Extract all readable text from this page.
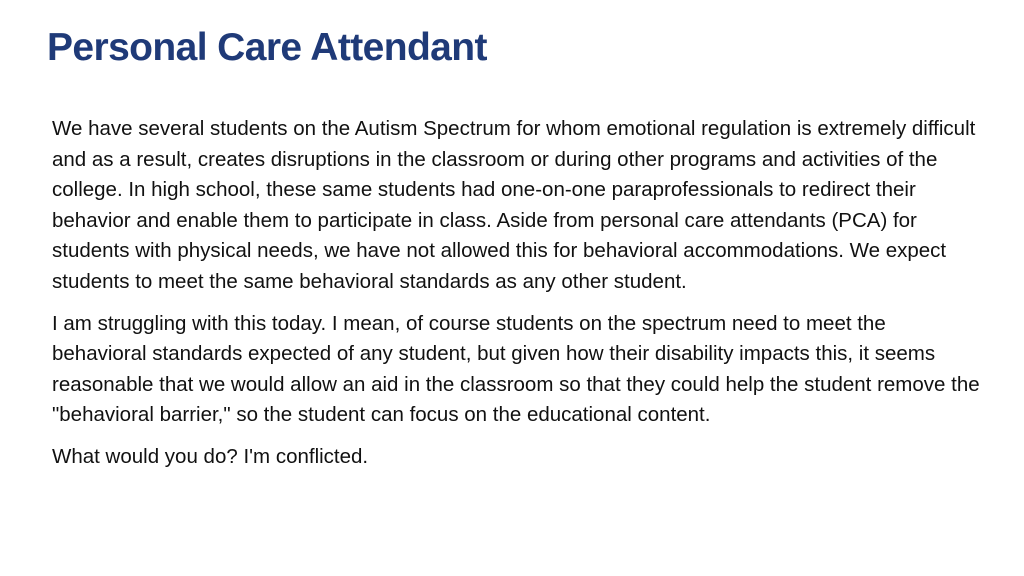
Personal Care Attendant

We have several students on the Autism Spectrum for whom emotional regulation is extremely difficult and as a result, creates disruptions in the classroom or during other programs and activities of the college. In high school, these same students had one-on-one paraprofessionals to redirect their behavior and enable them to participate in class. Aside from personal care attendants (PCA) for students with physical needs, we have not allowed this for behavioral accommodations. We expect students to meet the same behavioral standards as any other student.

I am struggling with this today. I mean, of course students on the spectrum need to meet the behavioral standards expected of any student, but given how their disability impacts this, it seems reasonable that we would allow an aid in the classroom so that they could help the student remove the "behavioral barrier," so the student can focus on the educational content.

What would you do? I'm conflicted.
